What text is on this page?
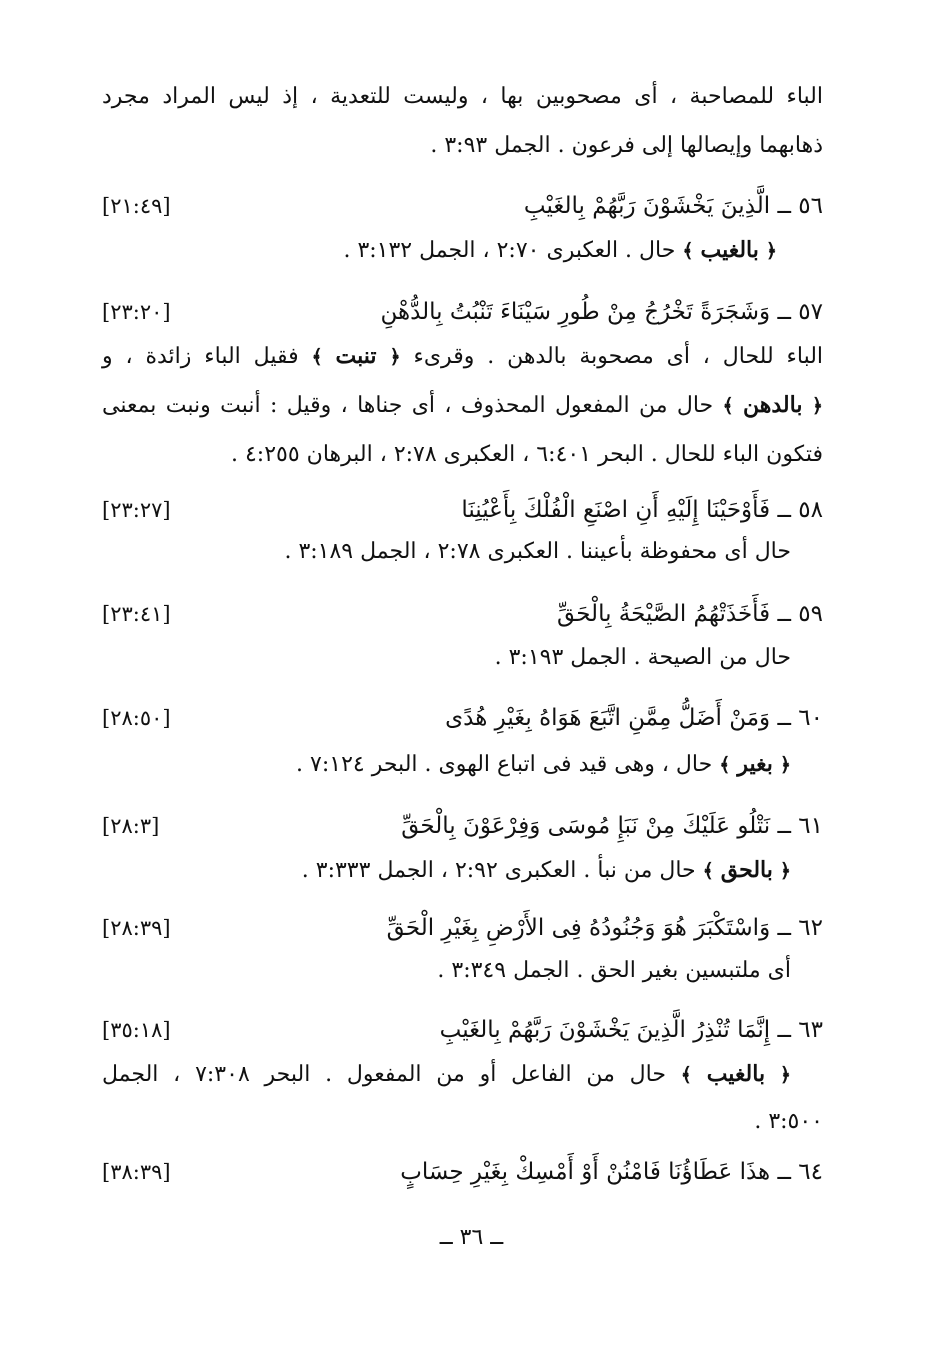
الباء للمصاحبة ، أى مصحوبين بها ، وليست للتعدية ، إذ ليس المراد مجرد
ذهابهما وإيصالها إلى فرعون . الجمل ٣:٩٣ .
٥٦ ــ الَّذِينَ يَخْشَوْنَ رَبَّهُمْ بِالغَيْبِ
[٢١:٤٩]
﴿ بالغيب ﴾ حال . العكبرى ٢:٧٠ ، الجمل ٣:١٣٢ .
٥٧ ــ وَشَجَرَةً تَخْرُجُ مِنْ طُورِ سَيْنَاءَ تَنْبُتُ بِالدُّهْنِ
[٢٣:٢٠]
الباء للحال ، أى مصحوبة بالدهن . وقرىء ﴿ تنبت ﴾ فقيل الباء زائدة ، و
﴿ بالدهن ﴾ حال من المفعول المحذوف ، أى جناها ، وقيل : أنبت ونبت بمعنى
فتكون الباء للحال . البحر ٦:٤٠١ ، العكبرى ٢:٧٨ ، البرهان ٤:٢٥٥ .
٥٨ ــ فَأَوْحَيْنَا إِلَيْهِ أَنِ اصْنَعِ الْفُلْكَ بِأَعْيُنِنَا
[٢٣:٢٧]
حال أى محفوظة بأعيننا . العكبرى ٢:٧٨ ، الجمل ٣:١٨٩ .
٥٩ ــ فَأَخَذَتْهُمُ الصَّيْحَةُ بِالْحَقِّ
[٢٣:٤١]
حال من الصيحة . الجمل ٣:١٩٣ .
٦٠ ــ وَمَنْ أَضَلُّ مِمَّنِ اتَّبَعَ هَوَاهُ بِغَيْرِ هُدًى
[٢٨:٥٠]
﴿ بغير ﴾ حال ، وهى قيد فى اتباع الهوى . البحر ٧:١٢٤ .
٦١ ــ نَتْلُو عَلَيْكَ مِنْ نَبَإِ مُوسَى وَفِرْعَوْنَ بِالْحَقِّ
[٢٨:٣]
﴿ بالحق ﴾ حال من نبأ . العكبرى ٢:٩٢ ، الجمل ٣:٣٣٣ .
٦٢ ــ وَاسْتَكْبَرَ هُوَ وَجُنُودُهُ فِى الأَرْضِ بِغَيْرِ الْحَقِّ
[٢٨:٣٩]
أى ملتبسين بغير الحق . الجمل ٣:٣٤٩ .
٦٣ ــ إِنَّمَا تُنْذِرُ الَّذِينَ يَخْشَوْنَ رَبَّهُمْ بِالغَيْبِ
[٣٥:١٨]
﴿ بالغيب ﴾ حال من الفاعل أو من المفعول . البحر ٧:٣٠٨ ، الجمل
٣:٥٠٠ .
٦٤ ــ هذَا عَطَاؤُنَا فَامْنُنْ أَوْ أَمْسِكْ بِغَيْرِ حِسَابٍ
[٣٨:٣٩]
ــ ٣٦ ــ
